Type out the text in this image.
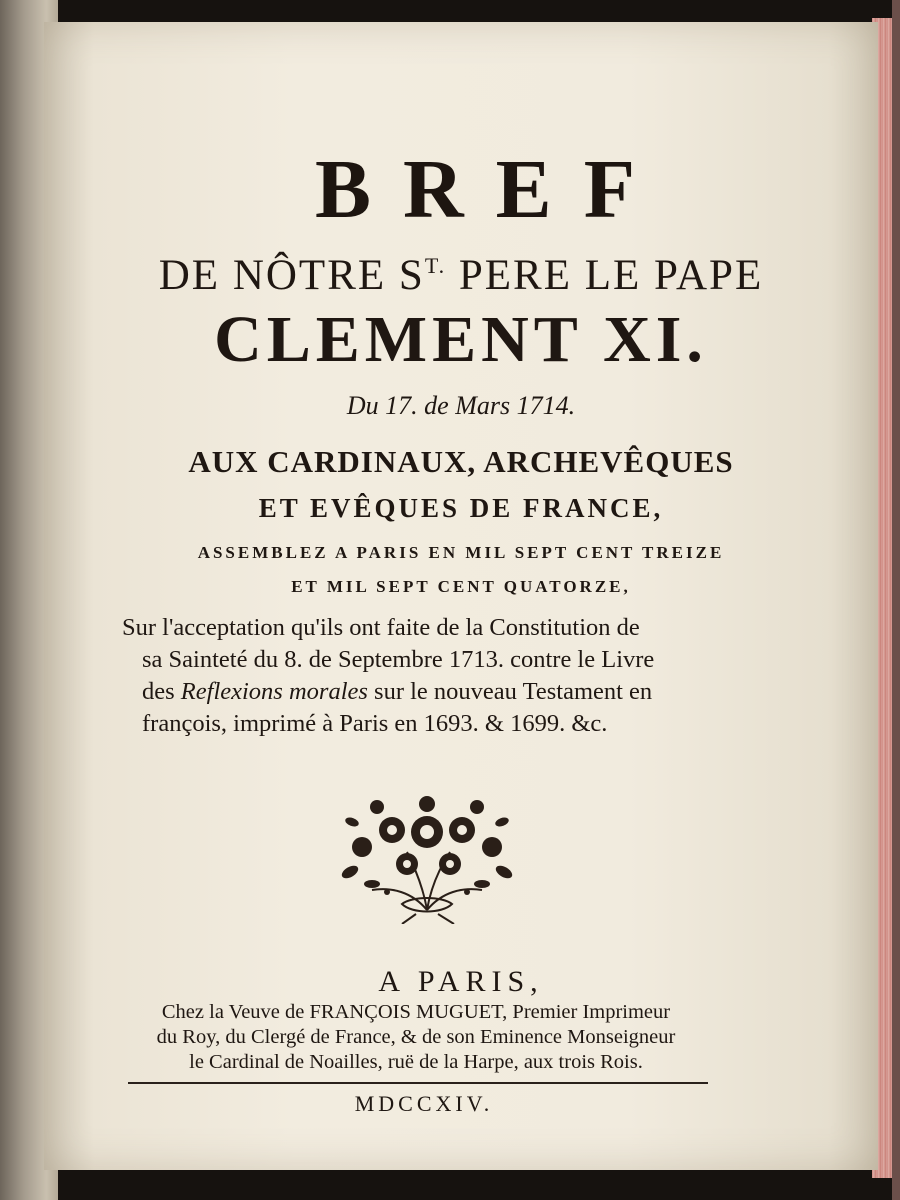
BREF
DE NÔTRE $S^{T.}$ PERE LE PAPE
CLEMENT XI.
Du 17. de Mars 1714.
AUX CARDINAUX, ARCHEVÊQUES
ET EVÊQUES DE FRANCE,
ASSEMBLEZ A PARIS EN MIL SEPT CENT TREIZE
ET MIL SEPT CENT QUATORZE,
Sur l'acceptation qu'ils ont faite de la Constitution de
sa Sainteté du 8. de Septembre 1713. contre le Livre
des Reflexions morales sur le nouveau Testament en
françois, imprimé à Paris en 1693. & 1699. &c.
A PARIS,
Chez la Veuve de FRANÇOIS MUGUET, Premier Imprimeur
du Roy, du Clergé de France, & de son Eminence Monseigneur
le Cardinal de Noailles, ruë de la Harpe, aux trois Rois.
MDCCXIV.
